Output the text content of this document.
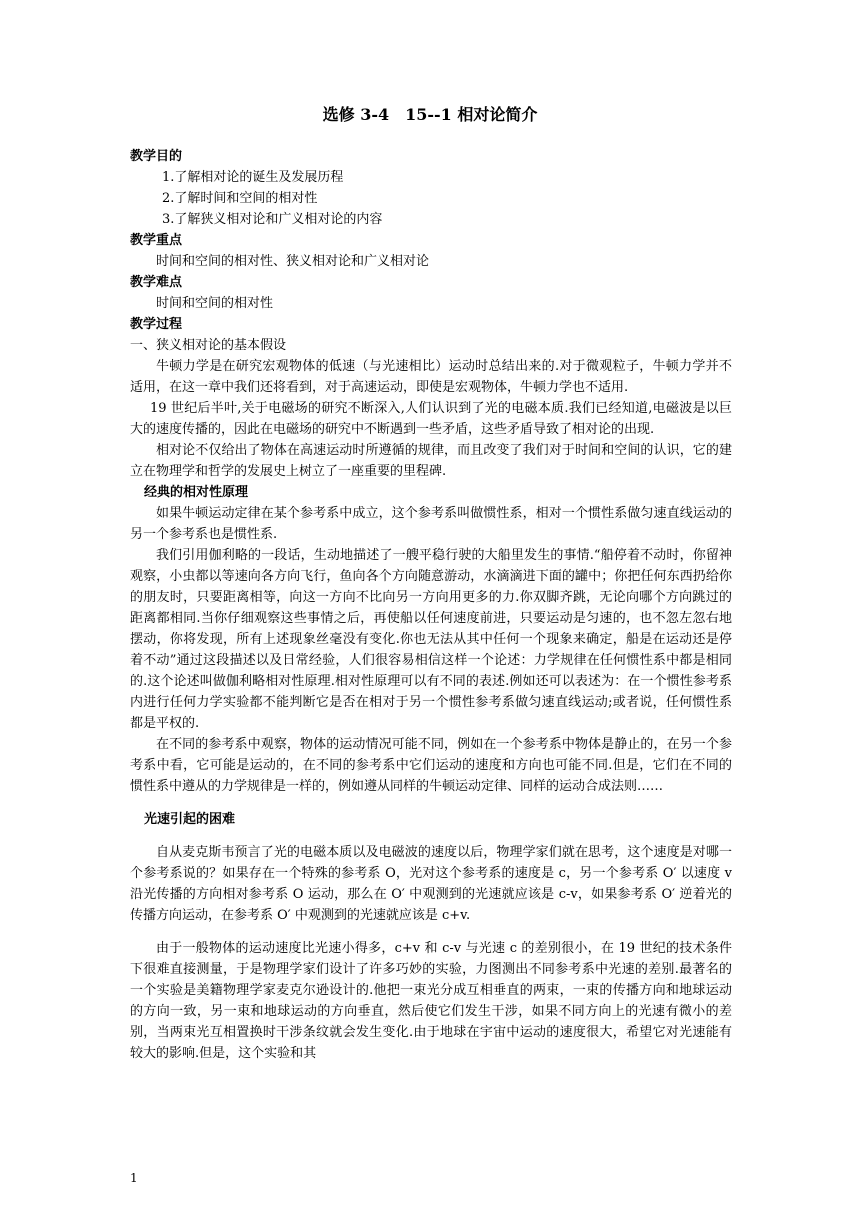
选修 3-4　15--1 相对论简介

教学目的

1.了解相对论的诞生及发展历程

2.了解时间和空间的相对性

3.了解狭义相对论和广义相对论的内容

教学重点

时间和空间的相对性、狭义相对论和广义相对论

教学难点

时间和空间的相对性

教学过程

一、狭义相对论的基本假设

牛顿力学是在研究宏观物体的低速（与光速相比）运动时总结出来的.对于微观粒子，牛顿力学并不适用，在这一章中我们还将看到，对于高速运动，即使是宏观物体，牛顿力学也不适用.

19 世纪后半叶,关于电磁场的研究不断深入,人们认识到了光的电磁本质.我们已经知道,电磁波是以巨大的速度传播的，因此在电磁场的研究中不断遇到一些矛盾，这些矛盾导致了相对论的出现.

相对论不仅给出了物体在高速运动时所遵循的规律，而且改变了我们对于时间和空间的认识，它的建立在物理学和哲学的发展史上树立了一座重要的里程碑.

经典的相对性原理

如果牛顿运动定律在某个参考系中成立，这个参考系叫做惯性系，相对一个惯性系做匀速直线运动的另一个参考系也是惯性系.

我们引用伽利略的一段话，生动地描述了一艘平稳行驶的大船里发生的事情.“船停着不动时，你留神观察，小虫都以等速向各方向飞行，鱼向各个方向随意游动，水滴滴进下面的罐中；你把任何东西扔给你的朋友时，只要距离相等，向这一方向不比向另一方向用更多的力.你双脚齐跳，无论向哪个方向跳过的距离都相同.当你仔细观察这些事情之后，再使船以任何速度前进，只要运动是匀速的，也不忽左忽右地摆动，你将发现，所有上述现象丝毫没有变化.你也无法从其中任何一个现象来确定，船是在运动还是停着不动”通过这段描述以及日常经验，人们很容易相信这样一个论述：力学规律在任何惯性系中都是相同的.这个论述叫做伽利略相对性原理.相对性原理可以有不同的表述.例如还可以表述为：在一个惯性参考系内进行任何力学实验都不能判断它是否在相对于另一个惯性参考系做匀速直线运动;或者说，任何惯性系都是平权的.

在不同的参考系中观察，物体的运动情况可能不同，例如在一个参考系中物体是静止的，在另一个参考系中看，它可能是运动的，在不同的参考系中它们运动的速度和方向也可能不同.但是，它们在不同的惯性系中遵从的力学规律是一样的，例如遵从同样的牛顿运动定律、同样的运动合成法则……

光速引起的困难

自从麦克斯韦预言了光的电磁本质以及电磁波的速度以后，物理学家们就在思考，这个速度是对哪一个参考系说的？如果存在一个特殊的参考系 O，光对这个参考系的速度是 c，另一个参考系 O′ 以速度 v 沿光传播的方向相对参考系 O 运动，那么在 O′ 中观测到的光速就应该是 c-v，如果参考系 O′ 逆着光的传播方向运动，在参考系 O′ 中观测到的光速就应该是 c+v.

由于一般物体的运动速度比光速小得多，c+v 和 c-v 与光速 c 的差别很小，在 19 世纪的技术条件下很难直接测量，于是物理学家们设计了许多巧妙的实验，力图测出不同参考系中光速的差别.最著名的一个实验是美籍物理学家麦克尔逊设计的.他把一束光分成互相垂直的两束，一束的传播方向和地球运动的方向一致，另一束和地球运动的方向垂直，然后使它们发生干涉，如果不同方向上的光速有微小的差别，当两束光互相置换时干涉条纹就会发生变化.由于地球在宇宙中运动的速度很大，希望它对光速能有较大的影响.但是，这个实验和其

1
